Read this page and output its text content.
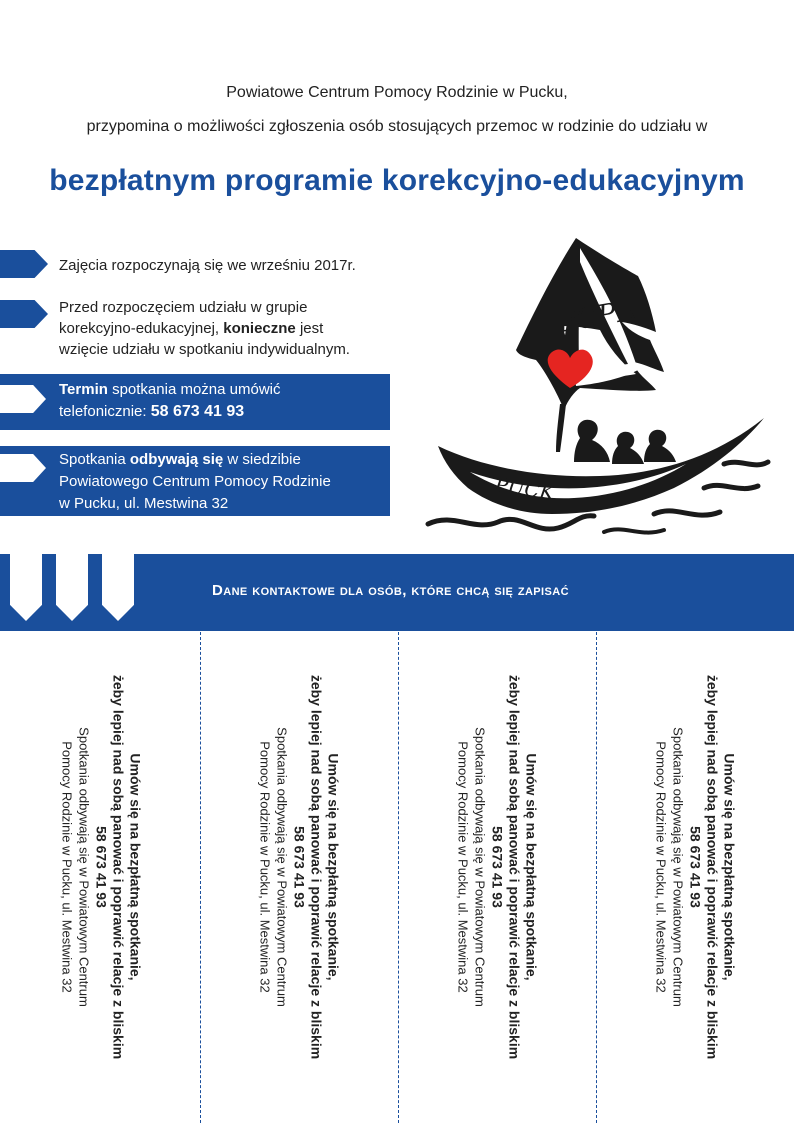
Powiatowe Centrum Pomocy Rodzinie w Pucku,
przypomina o możliwości zgłoszenia osób stosujących przemoc w rodzinie do udziału w
bezpłatnym programie korekcyjno-edukacyjnym
Zajęcia rozpoczynają się we wrześniu 2017r.
Przed rozpoczęciem udziału w grupie
korekcyjno-edukacyjnej, konieczne jest
wzięcie udziału w spotkaniu indywidualnym.
Termin spotkania można umówić
telefonicznie: 58 673 41 93
Spotkania odbywają się w siedzibie
Powiatowego Centrum Pomocy Rodzinie
w Pucku, ul. Mestwina 32
PCPR
PUCK
Dane kontaktowe dla osób, które chcą się zapisać
Umów się na bezpłatną spotkanie,
żeby lepiej nad sobą panować i poprawić relacje z bliskim
58 673 41 93
Spotkania odbywają się w Powiatowym Centrum
Pomocy Rodzinie w Pucku, ul. Mestwina 32	Umów się na bezpłatną spotkanie,
żeby lepiej nad sobą panować i poprawić relacje z bliskim
58 673 41 93
Spotkania odbywają się w Powiatowym Centrum
Pomocy Rodzinie w Pucku, ul. Mestwina 32	Umów się na bezpłatną spotkanie,
żeby lepiej nad sobą panować i poprawić relacje z bliskim
58 673 41 93
Spotkania odbywają się w Powiatowym Centrum
Pomocy Rodzinie w Pucku, ul. Mestwina 32	Umów się na bezpłatną spotkanie,
żeby lepiej nad sobą panować i poprawić relacje z bliskim
58 673 41 93
Spotkania odbywają się w Powiatowym Centrum
Pomocy Rodzinie w Pucku, ul. Mestwina 32
